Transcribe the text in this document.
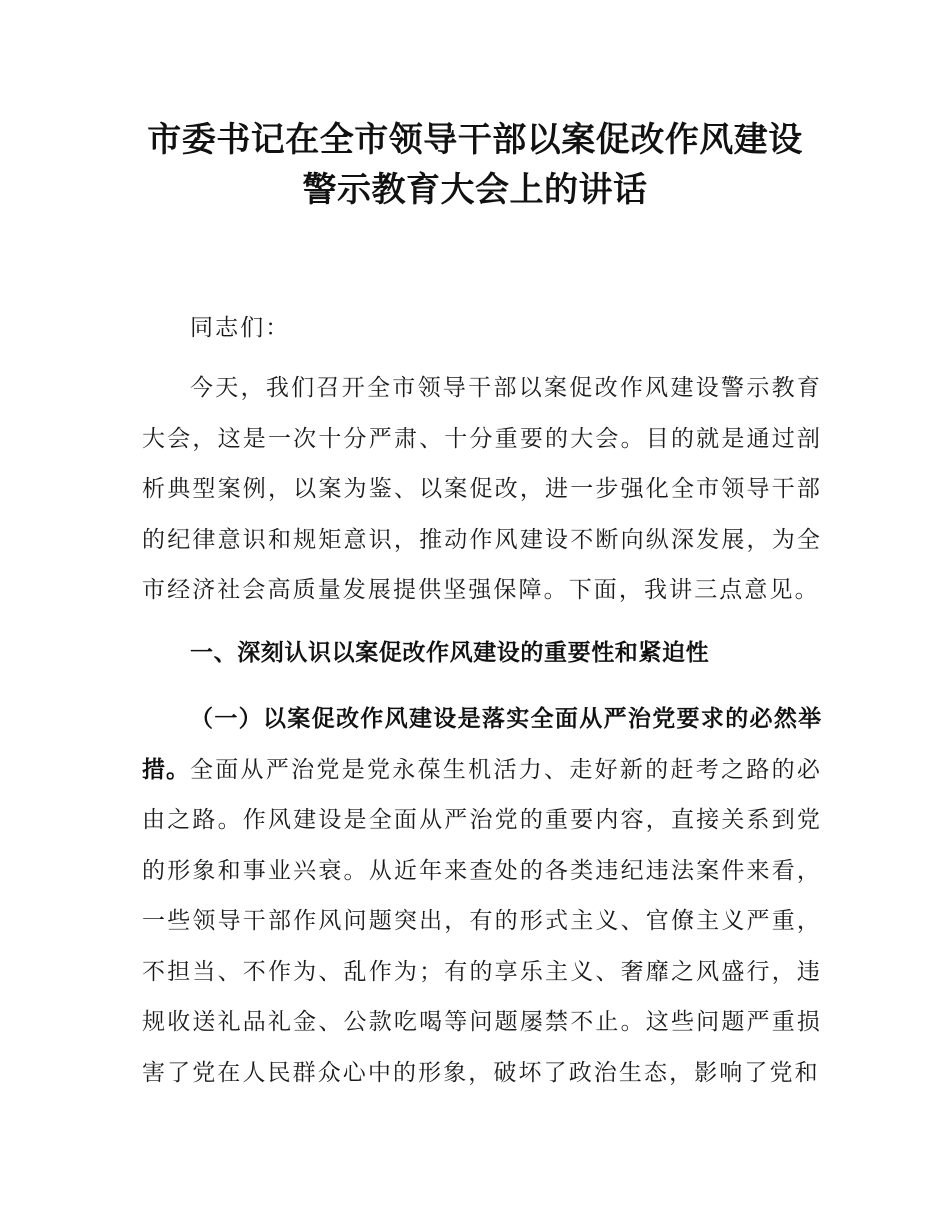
市委书记在全市领导干部以案促改作风建设
警示教育大会上的讲话
同志们：
今天，我们召开全市领导干部以案促改作风建设警示教育大会，这是一次十分严肃、十分重要的大会。目的就是通过剖析典型案例，以案为鉴、以案促改，进一步强化全市领导干部的纪律意识和规矩意识，推动作风建设不断向纵深发展，为全市经济社会高质量发展提供坚强保障。下面，我讲三点意见。
一、深刻认识以案促改作风建设的重要性和紧迫性
（一）以案促改作风建设是落实全面从严治党要求的必然举措。全面从严治党是党永葆生机活力、走好新的赶考之路的必由之路。作风建设是全面从严治党的重要内容，直接关系到党的形象和事业兴衰。从近年来查处的各类违纪违法案件来看，一些领导干部作风问题突出，有的形式主义、官僚主义严重，不担当、不作为、乱作为；有的享乐主义、奢靡之风盛行，违规收送礼品礼金、公款吃喝等问题屡禁不止。这些问题严重损害了党在人民群众心中的形象，破坏了政治生态，影响了党和
